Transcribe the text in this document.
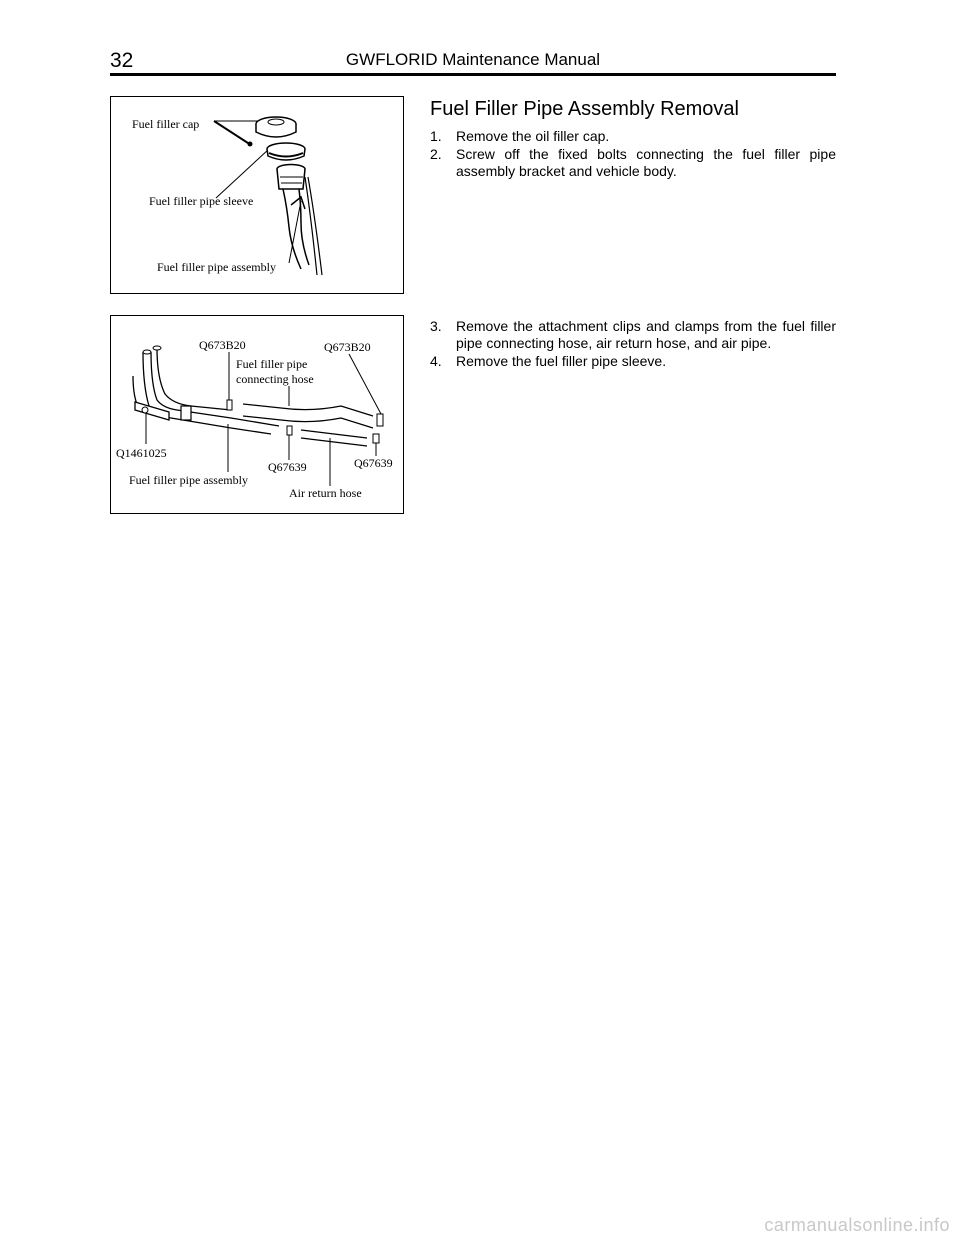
32	GWFLORID Maintenance Manual
Fuel filler cap
Fuel filler pipe sleeve
Fuel filler pipe assembly
Fuel Filler Pipe Assembly Removal
1. Remove the oil filler cap.
2. Screw off the fixed bolts connecting the fuel filler pipe assembly bracket and vehicle body.
Q673B20	Q673B20
Fuel filler pipe
connecting hose
Q1461025
Q67639	Q67639
Fuel filler pipe assembly
Air return hose
3. Remove the attachment clips and clamps from the fuel filler pipe connecting hose, air return hose, and air pipe.
4. Remove the fuel filler pipe sleeve.
carmanualsonline.info
